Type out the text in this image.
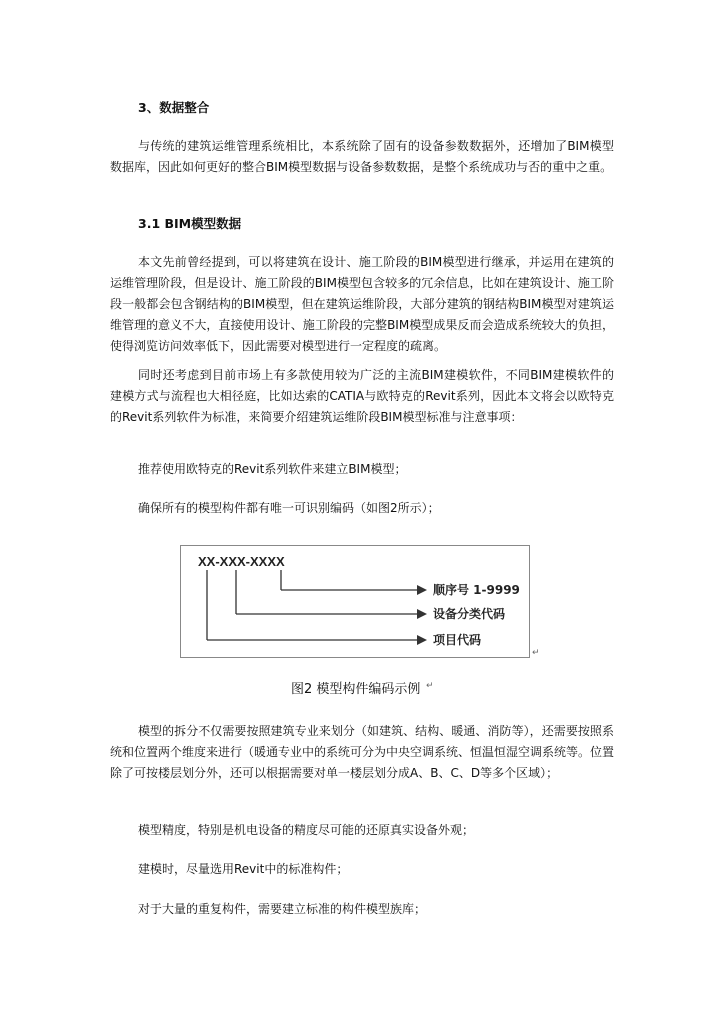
3、数据整合
与传统的建筑运维管理系统相比，本系统除了固有的设备参数数据外，还增加了BIM模型数据库，因此如何更好的整合BIM模型数据与设备参数数据，是整个系统成功与否的重中之重。
3.1 BIM模型数据
本文先前曾经提到，可以将建筑在设计、施工阶段的BIM模型进行继承，并运用在建筑的运维管理阶段，但是设计、施工阶段的BIM模型包含较多的冗余信息，比如在建筑设计、施工阶段一般都会包含钢结构的BIM模型，但在建筑运维阶段，大部分建筑的钢结构BIM模型对建筑运维管理的意义不大，直接使用设计、施工阶段的完整BIM模型成果反而会造成系统较大的负担，使得浏览访问效率低下，因此需要对模型进行一定程度的疏离。
同时还考虑到目前市场上有多款使用较为广泛的主流BIM建模软件，不同BIM建模软件的建模方式与流程也大相径庭，比如达索的CATIA与欧特克的Revit系列，因此本文将会以欧特克的Revit系列软件为标准，来简要介绍建筑运维阶段BIM模型标准与注意事项：
推荐使用欧特克的Revit系列软件来建立BIM模型；
确保所有的模型构件都有唯一可识别编码（如图2所示）；
XX-XXX-XXXX
顺序号 1-9999
设备分类代码
项目代码
↵
图2 模型构件编码示例 ↵
模型的拆分不仅需要按照建筑专业来划分（如建筑、结构、暖通、消防等），还需要按照系统和位置两个维度来进行（暖通专业中的系统可分为中央空调系统、恒温恒湿空调系统等。位置除了可按楼层划分外，还可以根据需要对单一楼层划分成A、B、C、D等多个区域）；
模型精度，特别是机电设备的精度尽可能的还原真实设备外观；
建模时，尽量选用Revit中的标准构件；
对于大量的重复构件，需要建立标准的构件模型族库；
